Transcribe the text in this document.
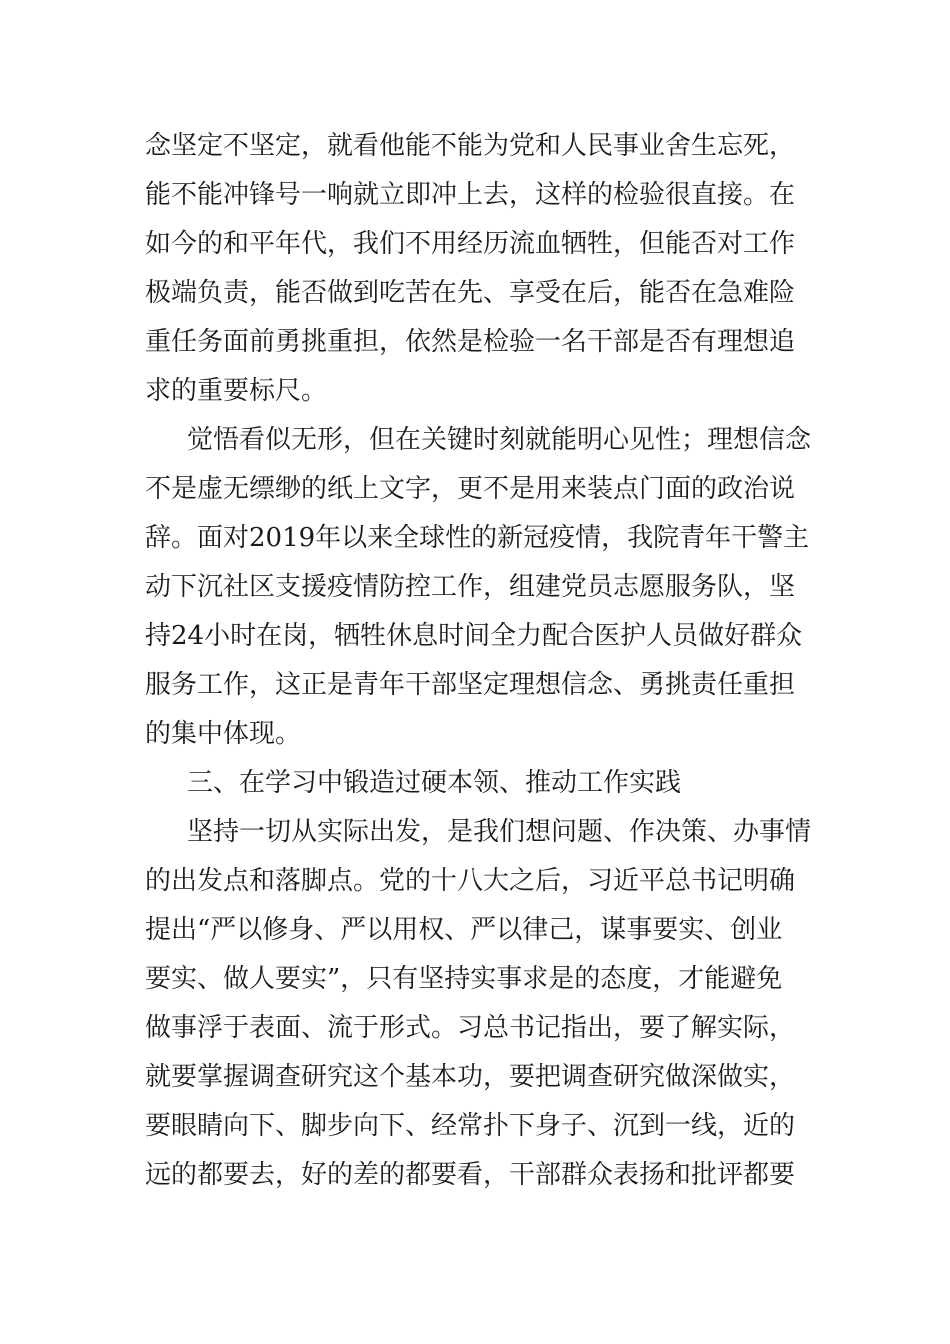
念坚定不坚定，就看他能不能为党和人民事业舍生忘死，
能不能冲锋号一响就立即冲上去，这样的检验很直接。在
如今的和平年代，我们不用经历流血牺牲，但能否对工作
极端负责，能否做到吃苦在先、享受在后，能否在急难险
重任务面前勇挑重担，依然是检验一名干部是否有理想追
求的重要标尺。
觉悟看似无形，但在关键时刻就能明心见性；理想信念
不是虚无缥缈的纸上文字，更不是用来装点门面的政治说
辞。面对2019年以来全球性的新冠疫情，我院青年干警主
动下沉社区支援疫情防控工作，组建党员志愿服务队，坚
持24小时在岗，牺牲休息时间全力配合医护人员做好群众
服务工作，这正是青年干部坚定理想信念、勇挑责任重担
的集中体现。
三、在学习中锻造过硬本领、推动工作实践
坚持一切从实际出发，是我们想问题、作决策、办事情
的出发点和落脚点。党的十八大之后，习近平总书记明确
提出“严以修身、严以用权、严以律己，谋事要实、创业
要实、做人要实”，只有坚持实事求是的态度，才能避免
做事浮于表面、流于形式。习总书记指出，要了解实际，
就要掌握调查研究这个基本功，要把调查研究做深做实，
要眼睛向下、脚步向下、经常扑下身子、沉到一线，近的
远的都要去，好的差的都要看，干部群众表扬和批评都要
